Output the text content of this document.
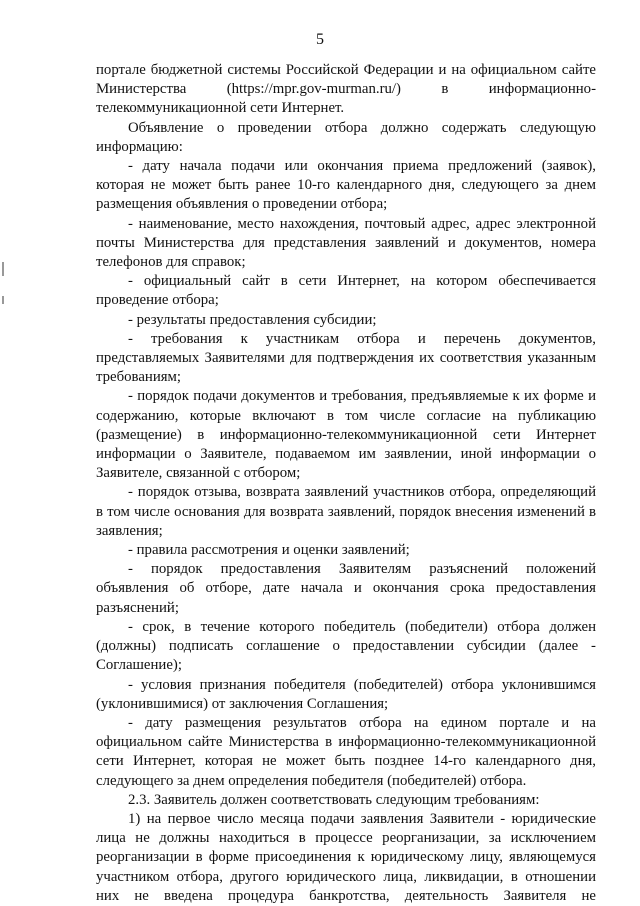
5

порталe бюджетной системы Российской Федерации и на официальном сайте Министерства (https://mpr.gov-murman.ru/) в информационно-телекоммуникационной сети Интернет.

Объявление о проведении отбора должно содержать следующую информацию:

- дату начала подачи или окончания приема предложений (заявок), которая не может быть ранее 10-го календарного дня, следующего за днем размещения объявления о проведении отбора;

- наименование, место нахождения, почтовый адрес, адрес электронной почты Министерства для представления заявлений и документов, номера телефонов для справок;

- официальный сайт в сети Интернет, на котором обеспечивается проведение отбора;

- результаты предоставления субсидии;

- требования к участникам отбора и перечень документов, представляемых Заявителями для подтверждения их соответствия указанным требованиям;

- порядок подачи документов и требования, предъявляемые к их форме и содержанию, которые включают в том числе согласие на публикацию (размещение) в информационно-телекоммуникационной сети Интернет информации о Заявителе, подаваемом им заявлении, иной информации о Заявителе, связанной с отбором;

- порядок отзыва, возврата заявлений участников отбора, определяющий в том числе основания для возврата заявлений, порядок внесения изменений в заявления;

- правила рассмотрения и оценки заявлений;

- порядок предоставления Заявителям разъяснений положений объявления об отборе, дате начала и окончания срока предоставления разъяснений;

- срок, в течение которого победитель (победители) отбора должен (должны) подписать соглашение о предоставлении субсидии (далее - Соглашение);

- условия признания победителя (победителей) отбора уклонившимся (уклонившимися) от заключения Соглашения;

- дату размещения результатов отбора на едином портале и на официальном сайте Министерства в информационно-телекоммуникационной сети Интернет, которая не может быть позднее 14-го календарного дня, следующего за днем определения победителя (победителей) отбора.

2.3. Заявитель должен соответствовать следующим требованиям:

1) на первое число месяца подачи заявления Заявители - юридические лица не должны находиться в процессе реорганизации, за исключением реорганизации в форме присоединения к юридическому лицу, являющемуся участником отбора, другого юридического лица, ликвидации, в отношении них не введена процедура банкротства, деятельность Заявителя не
